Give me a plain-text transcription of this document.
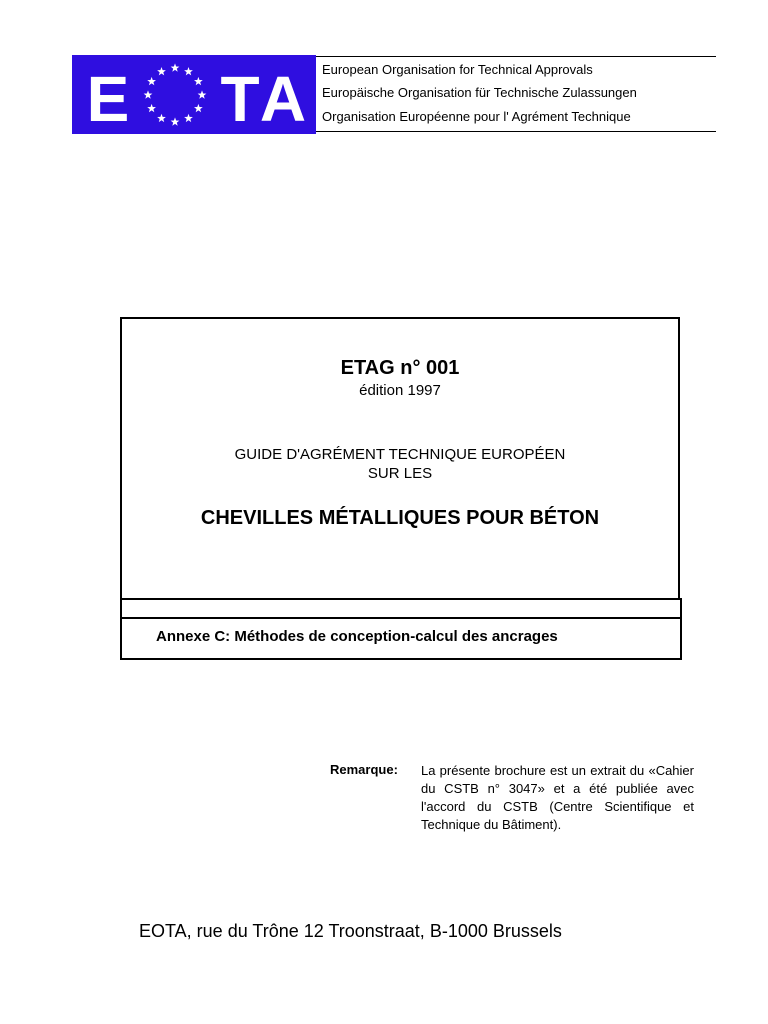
E T A European Organisation for Technical Approvals
Europäische Organisation für Technische Zulassungen
Organisation Européenne pour l' Agrément Technique
ETAG n° 001
édition 1997
GUIDE D'AGRÉMENT TECHNIQUE EUROPÉEN
SUR LES
CHEVILLES MÉTALLIQUES POUR BÉTON
Annexe C: Méthodes de conception-calcul des ancrages
Remarque: La présente brochure est un extrait du «Cahier du CSTB n° 3047» et a été publiée avec l'accord du CSTB (Centre Scientifique et Technique du Bâtiment).
EOTA, rue du Trône 12 Troonstraat, B-1000 Brussels
